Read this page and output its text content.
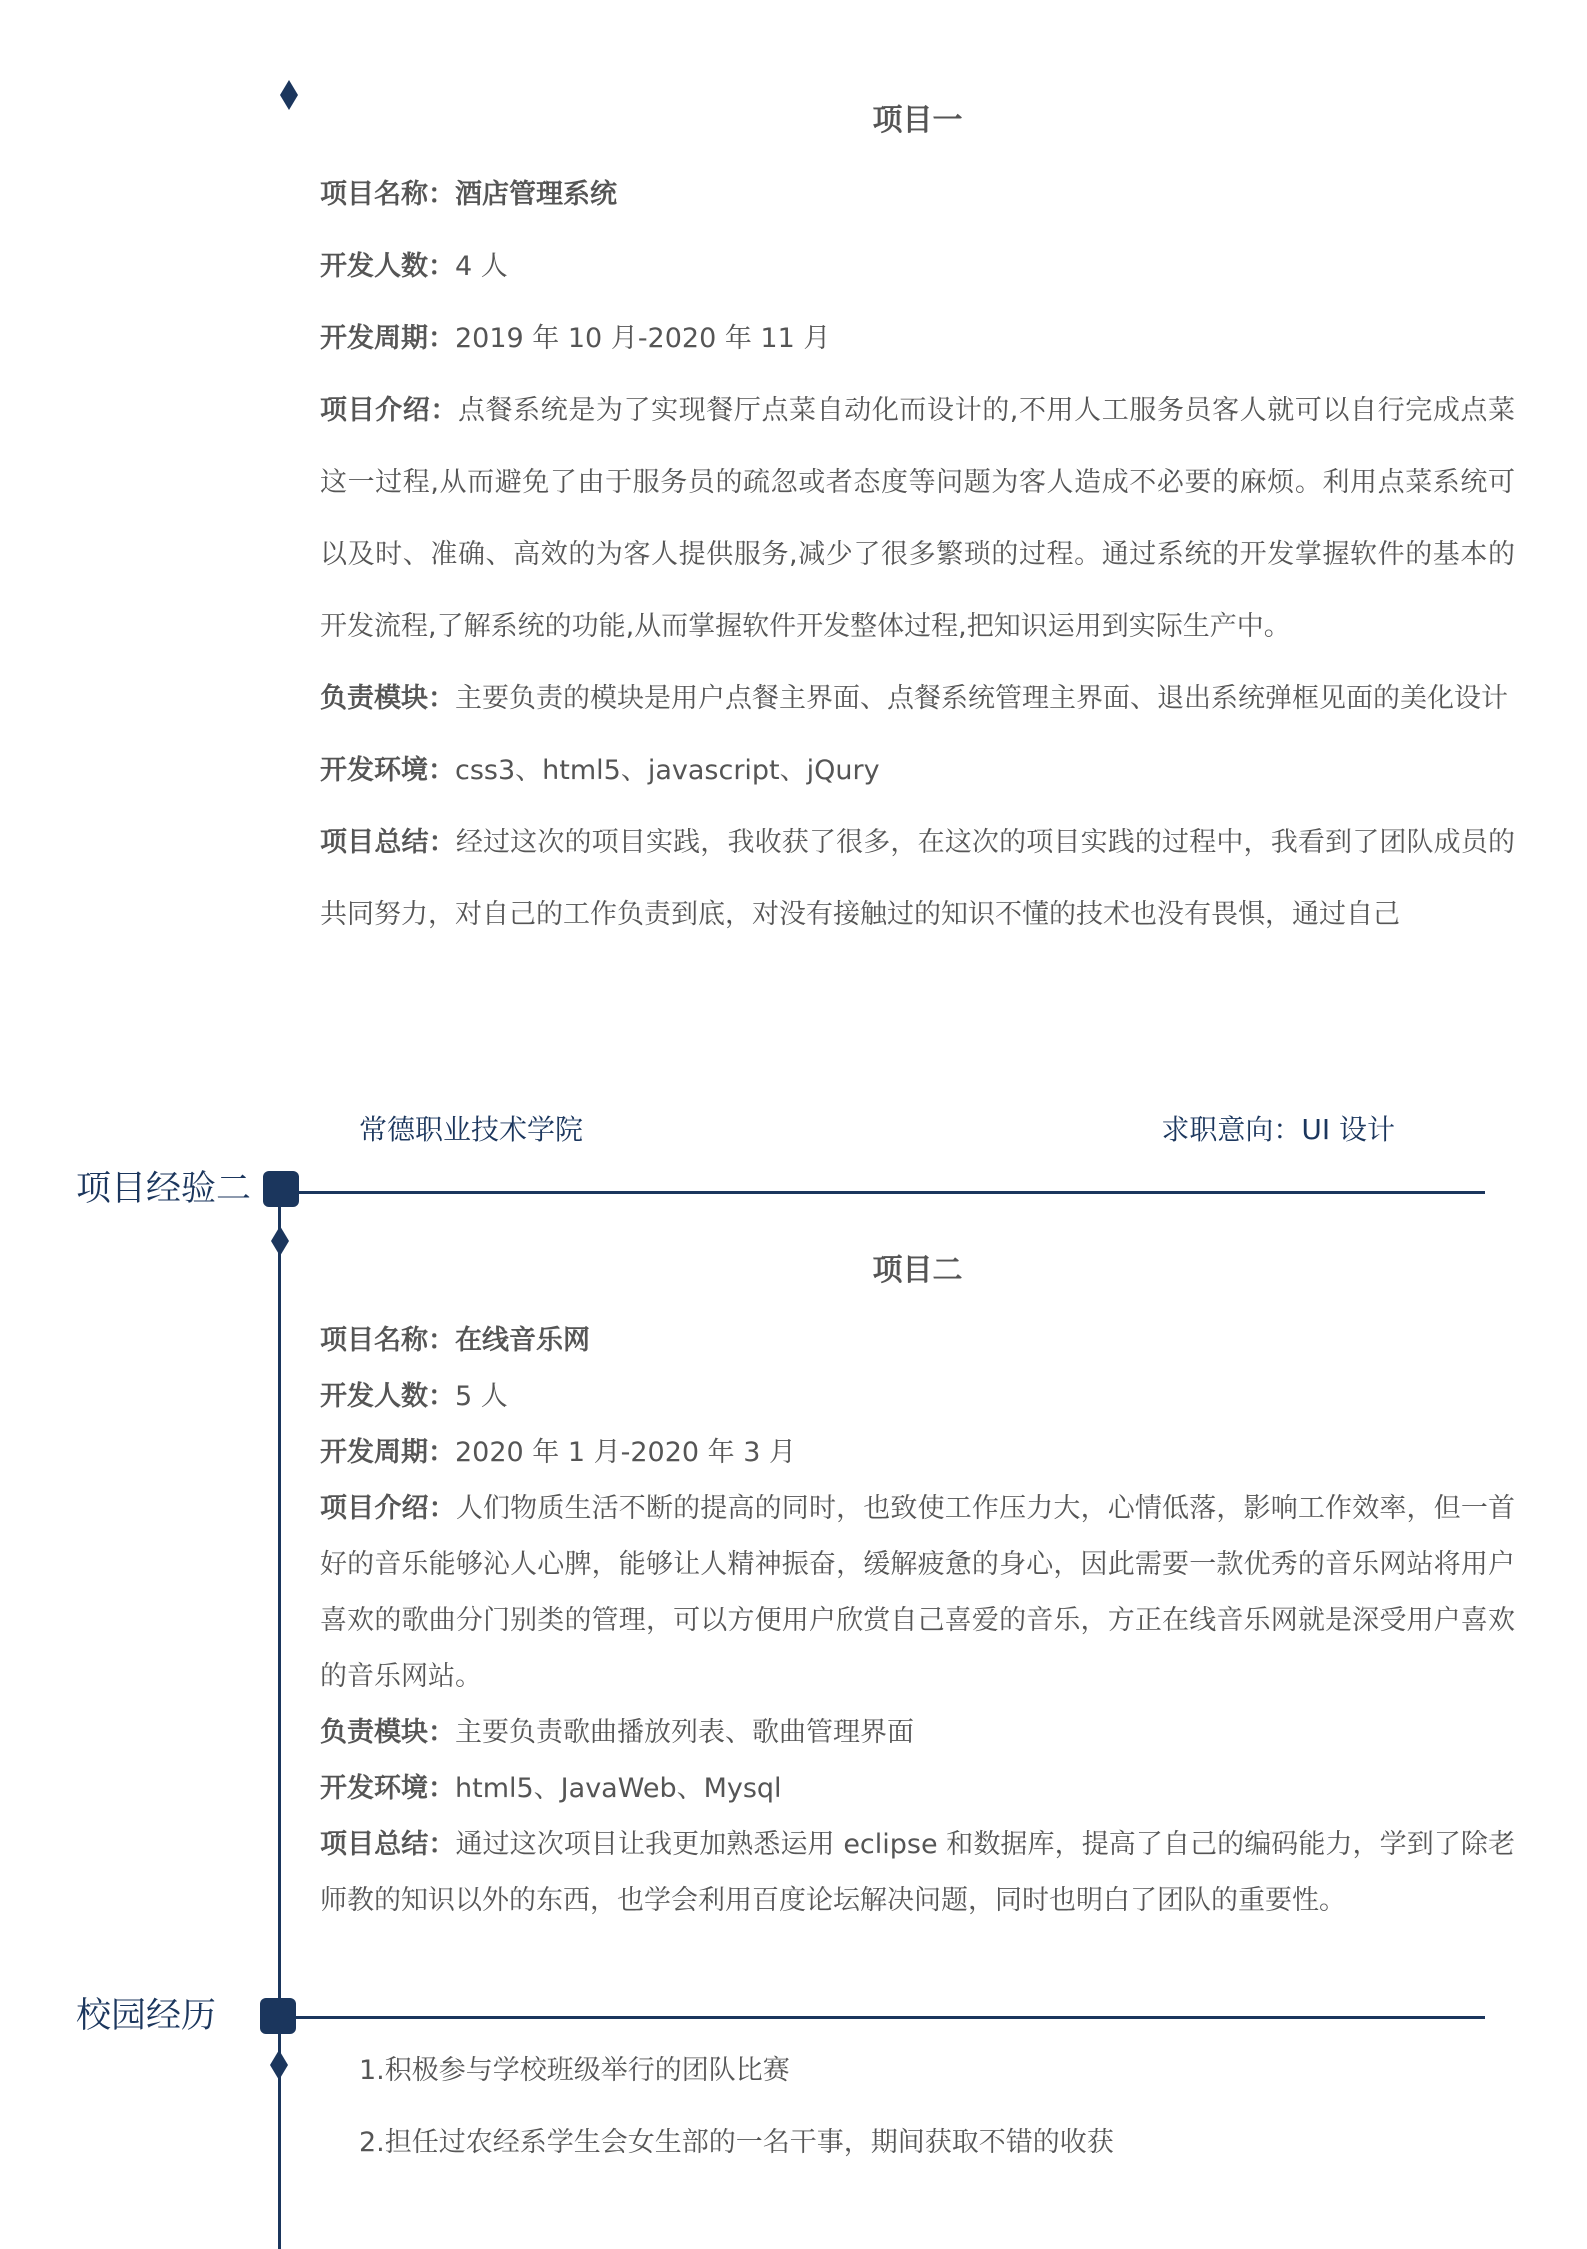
项目一

项目名称：酒店管理系统

开发人数：4 人

开发周期：2019 年 10 月-2020 年 11 月

项目介绍：点餐系统是为了实现餐厅点菜自动化而设计的,不用人工服务员客人就可以自行完成点菜这一过程,从而避免了由于服务员的疏忽或者态度等问题为客人造成不必要的麻烦。利用点菜系统可以及时、准确、高效的为客人提供服务,减少了很多繁琐的过程。通过系统的开发掌握软件的基本的开发流程,了解系统的功能,从而掌握软件开发整体过程,把知识运用到实际生产中。

负责模块：主要负责的模块是用户点餐主界面、点餐系统管理主界面、退出系统弹框见面的美化设计

开发环境：css3、html5、javascript、jQury

项目总结：经过这次的项目实践，我收获了很多，在这次的项目实践的过程中，我看到了团队成员的共同努力，对自己的工作负责到底，对没有接触过的知识不懂的技术也没有畏惧，通过自己

常德职业技术学院	求职意向：UI 设计
项目经验二
项目二

项目名称：在线音乐网

开发人数：5 人

开发周期：2020 年 1 月-2020 年 3 月

项目介绍：人们物质生活不断的提高的同时，也致使工作压力大，心情低落，影响工作效率，但一首好的音乐能够沁人心脾，能够让人精神振奋，缓解疲惫的身心，因此需要一款优秀的音乐网站将用户喜欢的歌曲分门别类的管理，可以方便用户欣赏自己喜爱的音乐，方正在线音乐网就是深受用户喜欢的音乐网站。

负责模块：主要负责歌曲播放列表、歌曲管理界面

开发环境：html5、JavaWeb、Mysql

项目总结：通过这次项目让我更加熟悉运用 eclipse 和数据库，提高了自己的编码能力，学到了除老师教的知识以外的东西，也学会利用百度论坛解决问题，同时也明白了团队的重要性。

校园经历
1.积极参与学校班级举行的团队比赛
2.担任过农经系学生会女生部的一名干事，期间获取不错的收获
